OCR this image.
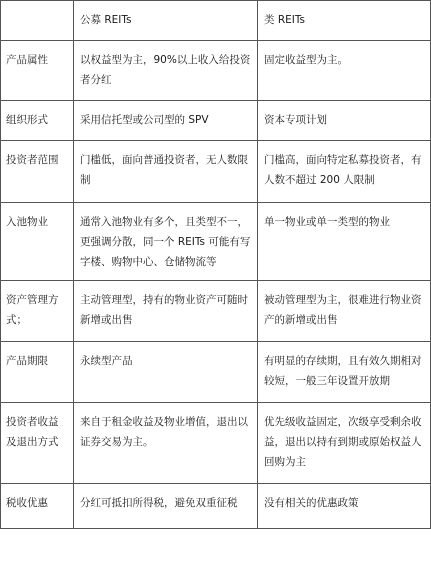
	公募 REITs	类 REITs
产品属性	以权益型为主，90%以上收入给投资者分红	固定收益型为主。
组织形式	采用信托型或公司型的 SPV	资本专项计划
投资者范围	门槛低，面向普通投资者，无人数限制	门槛高，面向特定私募投资者，有人数不超过 200 人限制
入池物业	通常入池物业有多个，且类型不一，更强调分散，同一个 REITs 可能有写字楼、购物中心、仓储物流等	单一物业或单一类型的物业
资产管理方式；	主动管理型，持有的物业资产可随时新增或出售	被动管理型为主，很难进行物业资产的新增或出售
产品期限	永续型产品	有明显的存续期，且有效久期相对较短，一般三年设置开放期
投资者收益及退出方式	来自于租金收益及物业增值，退出以证券交易为主。	优先级收益固定，次级享受剩余收益，退出以持有到期或原始权益人回购为主
税收优惠	分红可抵扣所得税，避免双重征税	没有相关的优惠政策
